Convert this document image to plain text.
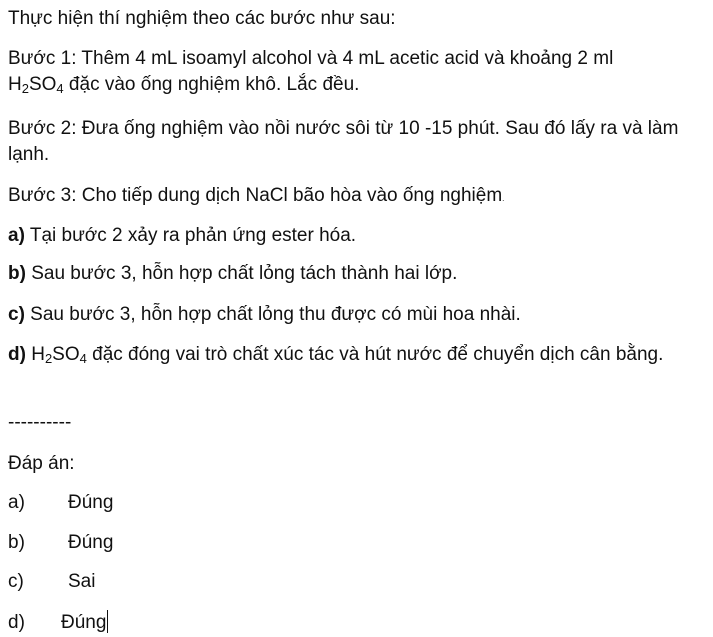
Thực hiện thí nghiệm theo các bước như sau:

Bước 1: Thêm 4 mL isoamyl alcohol và 4 mL acetic acid và khoảng 2 ml
$H_2SO_4$ đặc vào ống nghiệm khô. Lắc đều.

Bước 2: Đưa ống nghiệm vào nồi nước sôi từ 10 -15 phút. Sau đó lấy ra và làm lạnh.

Bước 3: Cho tiếp dung dịch NaCl bão hòa vào ống nghiệm.

a) Tại bước 2 xảy ra phản ứng ester hóa.

b) Sau bước 3, hỗn hợp chất lỏng tách thành hai lớp.

c) Sau bước 3, hỗn hợp chất lỏng thu được có mùi hoa nhài.

d) $H_2SO_4$ đặc đóng vai trò chất xúc tác và hút nước để chuyển dịch cân bằng.

----------

Đáp án:

a) Đúng
b) Đúng
c) Sai
d) Đúng
